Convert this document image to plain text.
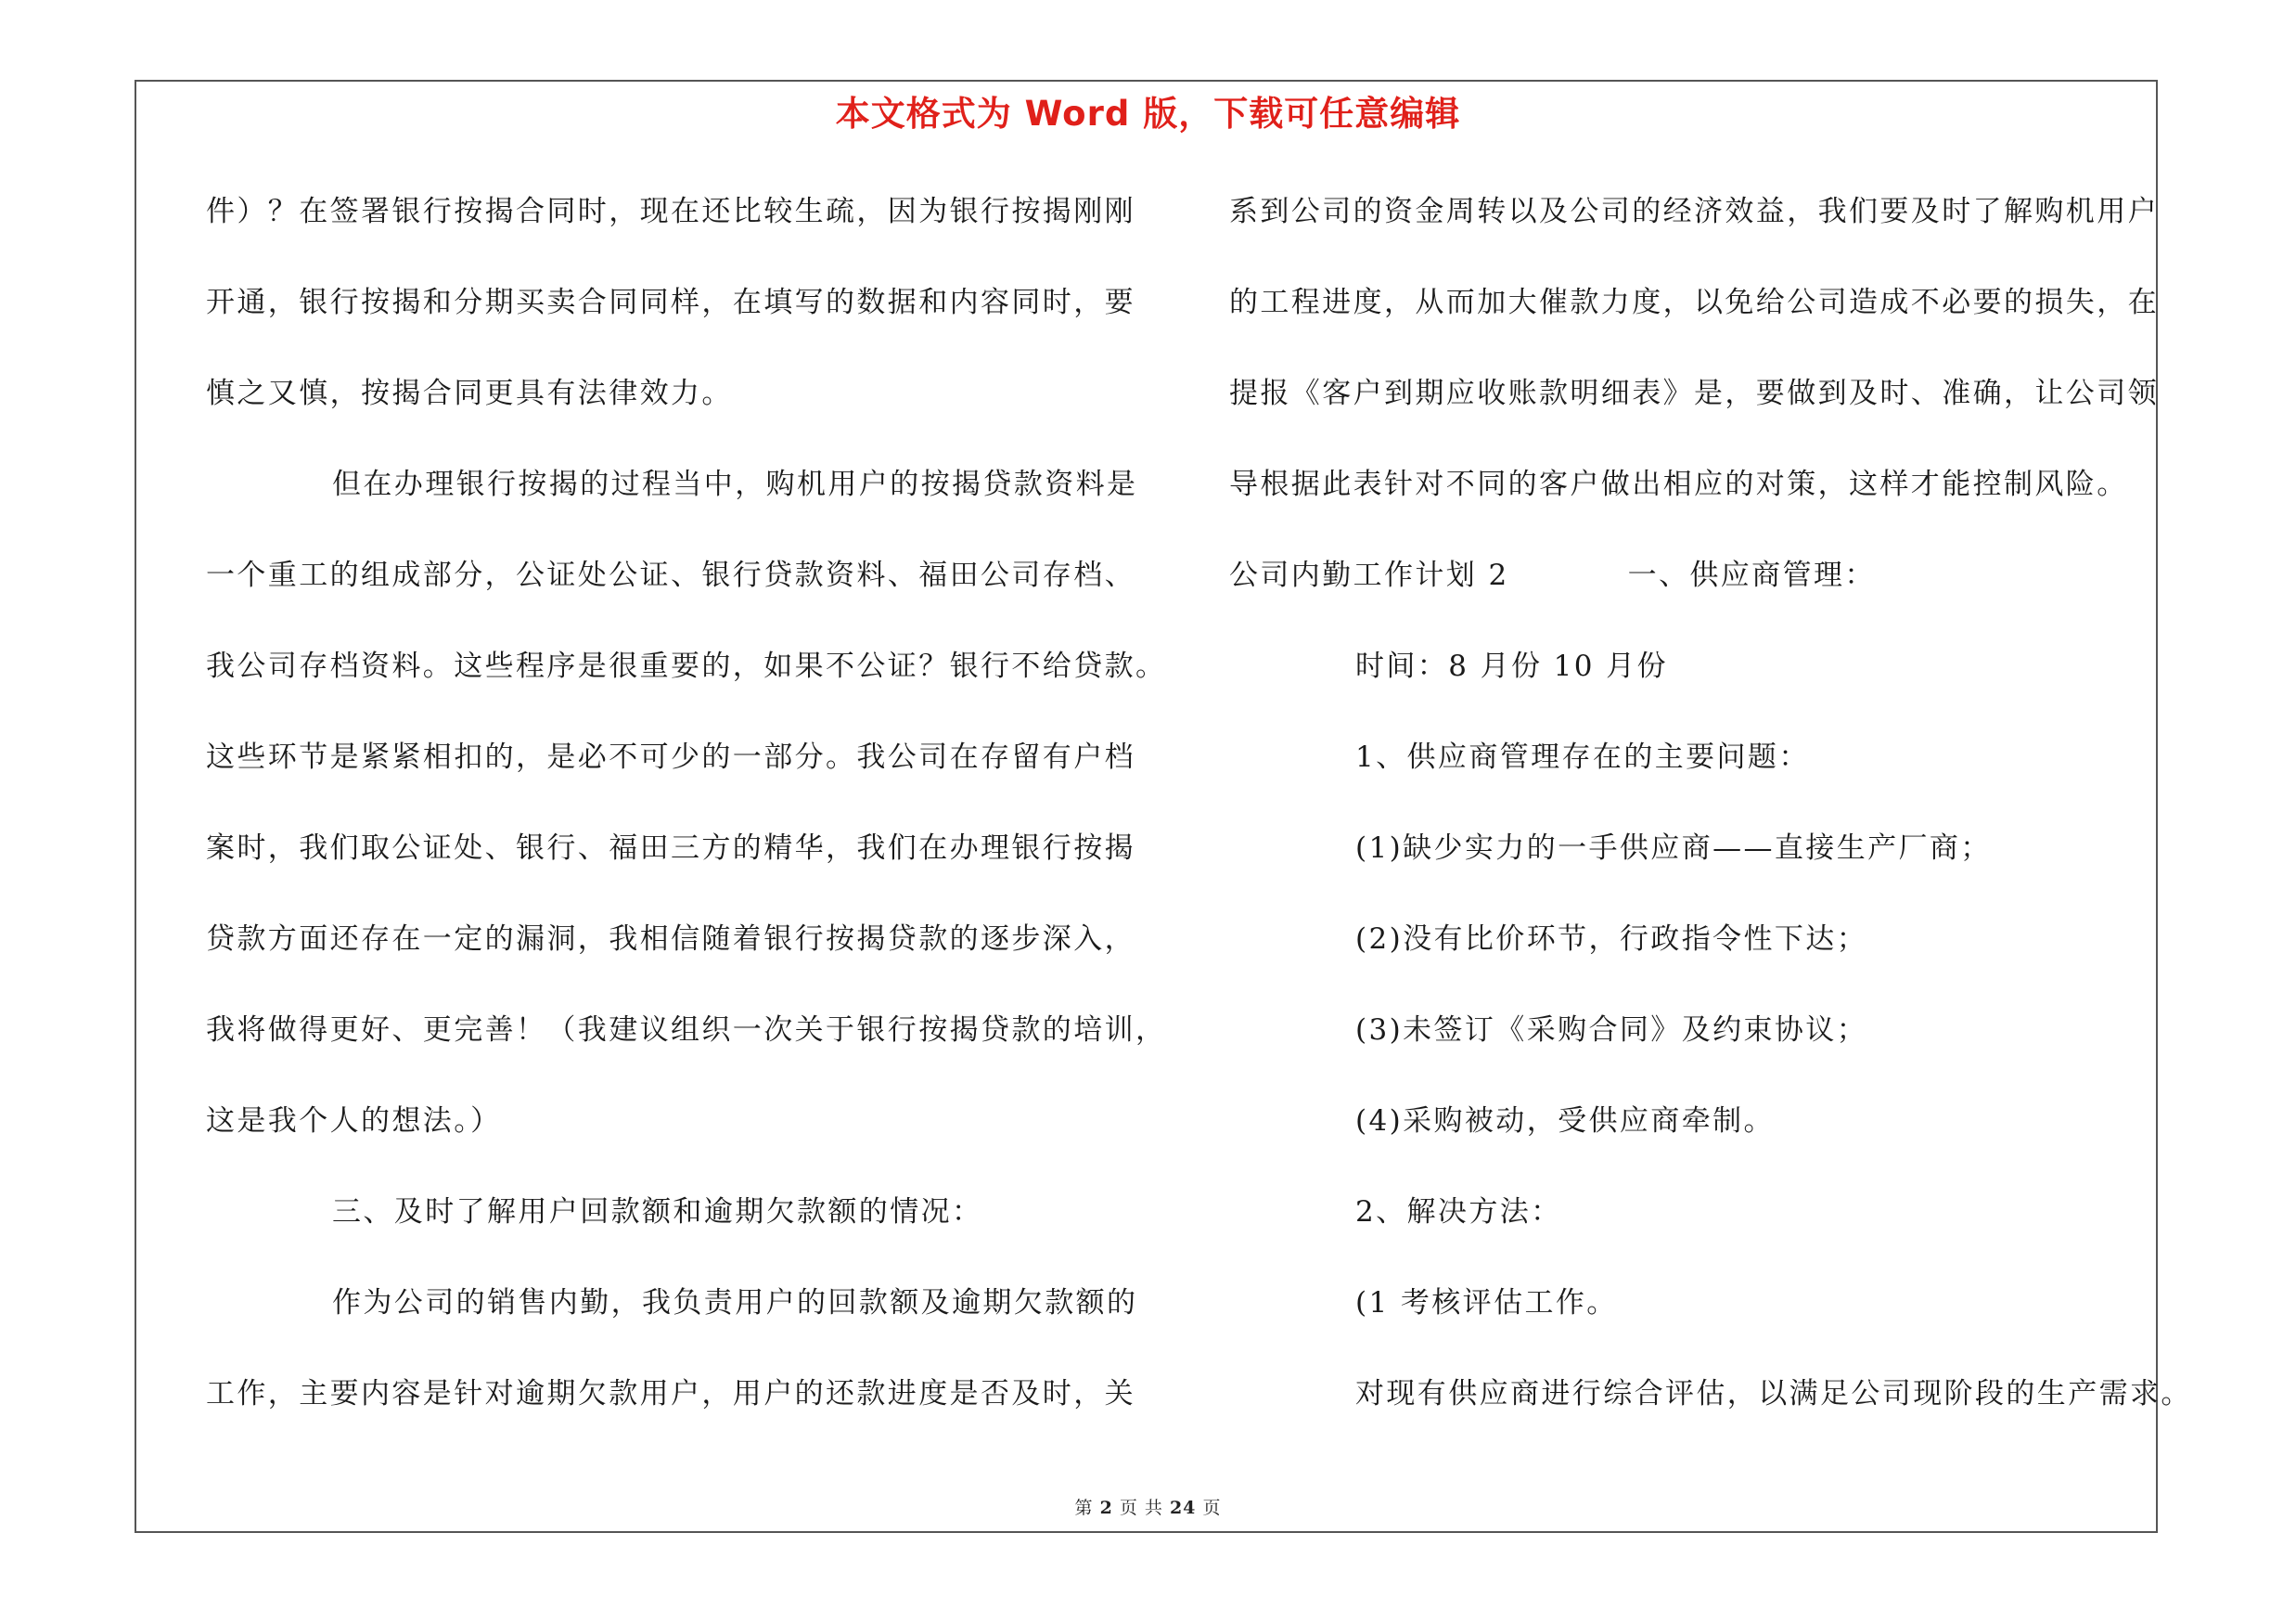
本文格式为 Word 版，下载可任意编辑
件）？在签署银行按揭合同时，现在还比较生疏，因为银行按揭刚刚
开通，银行按揭和分期买卖合同同样，在填写的数据和内容同时，要
慎之又慎，按揭合同更具有法律效力。
但在办理银行按揭的过程当中，购机用户的按揭贷款资料是
一个重工的组成部分，公证处公证、银行贷款资料、福田公司存档、
我公司存档资料。这些程序是很重要的，如果不公证？银行不给贷款。
这些环节是紧紧相扣的，是必不可少的一部分。我公司在存留有户档
案时，我们取公证处、银行、福田三方的精华，我们在办理银行按揭
贷款方面还存在一定的漏洞，我相信随着银行按揭贷款的逐步深入，
我将做得更好、更完善！（我建议组织一次关于银行按揭贷款的培训，
这是我个人的想法。）
三、及时了解用户回款额和逾期欠款额的情况：
作为公司的销售内勤，我负责用户的回款额及逾期欠款额的
工作，主要内容是针对逾期欠款用户，用户的还款进度是否及时，关
系到公司的资金周转以及公司的经济效益，我们要及时了解购机用户
的工程进度，从而加大催款力度，以免给公司造成不必要的损失，在
提报《客户到期应收账款明细表》是，要做到及时、准确，让公司领
导根据此表针对不同的客户做出相应的对策，这样才能控制风险。
公司内勤工作计划 2	一、供应商管理：
时间：8 月份 10 月份
1、供应商管理存在的主要问题：
(1)缺少实力的一手供应商——直接生产厂商；
(2)没有比价环节，行政指令性下达；
(3)未签订《采购合同》及约束协议；
(4)采购被动，受供应商牵制。
2、解决方法：
(1 考核评估工作。
对现有供应商进行综合评估，以满足公司现阶段的生产需求。
第 2 页 共 24 页
